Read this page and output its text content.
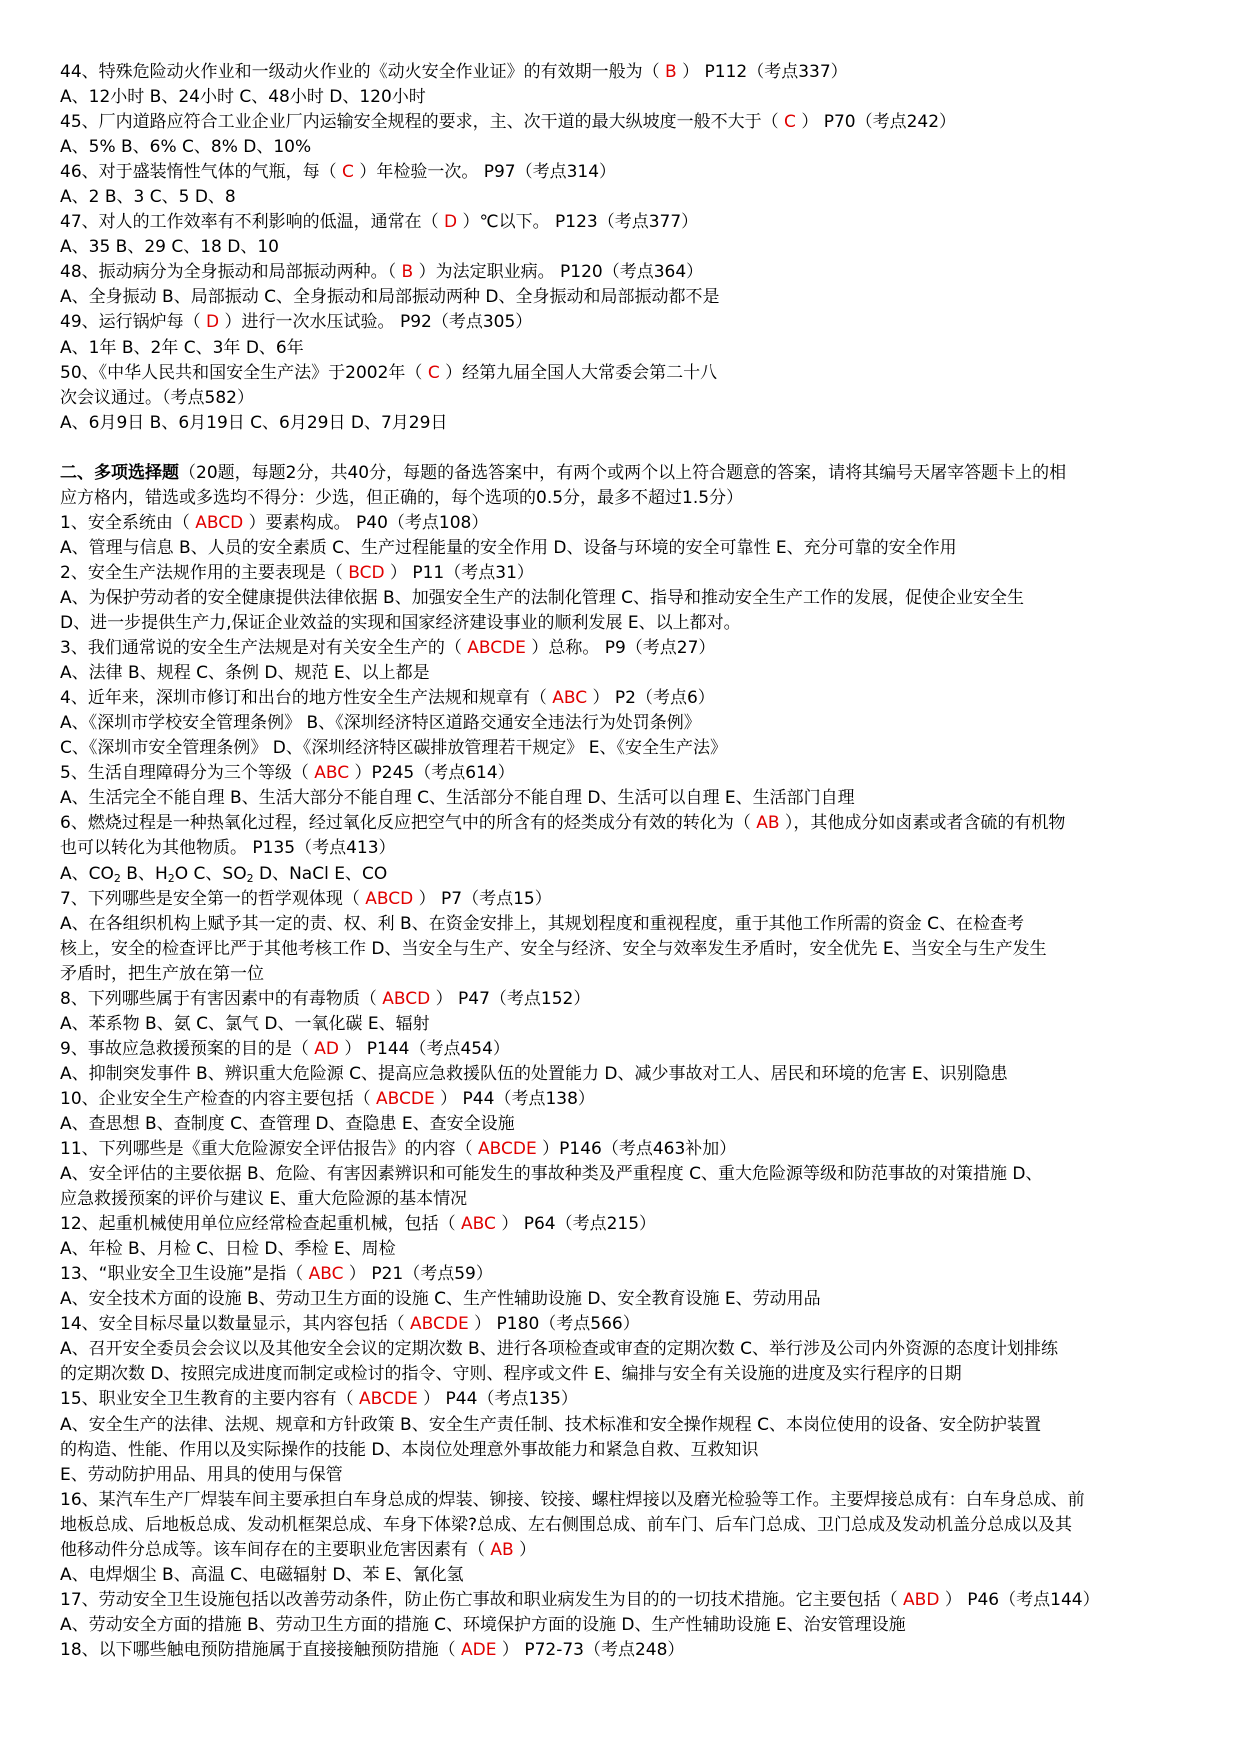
44、特殊危险动火作业和一级动火作业的《动火安全作业证》的有效期一般为（ B ） P112（考点337）
A、12小时 B、24小时 C、48小时 D、120小时
45、厂内道路应符合工业企业厂内运输安全规程的要求，主、次干道的最大纵坡度一般不大于（ C ） P70（考点242）
A、5% B、6% C、8% D、10%
46、对于盛装惰性气体的气瓶，每（ C ）年检验一次。 P97（考点314）
A、2 B、3 C、5 D、8
47、对人的工作效率有不利影响的低温，通常在（ D ）℃以下。 P123（考点377）
A、35 B、29 C、18 D、10
48、振动病分为全身振动和局部振动两种。（ B ）为法定职业病。 P120（考点364）
A、全身振动 B、局部振动 C、全身振动和局部振动两种 D、全身振动和局部振动都不是
49、运行锅炉每（ D ）进行一次水压试验。 P92（考点305）
A、1年 B、2年 C、3年 D、6年
50、《中华人民共和国安全生产法》于2002年（ C ）经第九届全国人大常委会第二十八
次会议通过。（考点582）
A、6月9日 B、6月19日 C、6月29日 D、7月29日
二、多项选择题（20题，每题2分，共40分，每题的备选答案中，有两个或两个以上符合题意的答案，请将其编号天屠宰答题卡上的相
应方格内，错选或多选均不得分：少选，但正确的，每个选项的0.5分，最多不超过1.5分）
1、安全系统由（ ABCD ）要素构成。 P40（考点108）
A、管理与信息 B、人员的安全素质 C、生产过程能量的安全作用 D、设备与环境的安全可靠性 E、充分可靠的安全作用
2、安全生产法规作用的主要表现是（ BCD ） P11（考点31）
A、为保护劳动者的安全健康提供法律依据 B、加强安全生产的法制化管理 C、指导和推动安全生产工作的发展，促使企业安全生
D、进一步提供生产力,保证企业效益的实现和国家经济建设事业的顺利发展 E、以上都对。
3、我们通常说的安全生产法规是对有关安全生产的（ ABCDE ）总称。 P9（考点27）
A、法律 B、规程 C、条例 D、规范 E、以上都是
4、近年来，深圳市修订和出台的地方性安全生产法规和规章有（ ABC ） P2（考点6）
A、《深圳市学校安全管理条例》 B、《深圳经济特区道路交通安全违法行为处罚条例》
C、《深圳市安全管理条例》 D、《深圳经济特区碳排放管理若干规定》 E、《安全生产法》
5、生活自理障碍分为三个等级（ ABC ）P245（考点614）
A、生活完全不能自理 B、生活大部分不能自理 C、生活部分不能自理 D、生活可以自理 E、生活部门自理
6、燃烧过程是一种热氧化过程，经过氧化反应把空气中的所含有的烃类成分有效的转化为（ AB ），其他成分如卤素或者含硫的有机物
也可以转化为其他物质。 P135（考点413）
A、$CO_2$ B、$H_2O$ C、$SO_2$ D、NaCl E、CO
7、下列哪些是安全第一的哲学观体现（ ABCD ） P7（考点15）
A、在各组织机构上赋予其一定的责、权、利 B、在资金安排上，其规划程度和重视程度，重于其他工作所需的资金 C、在检查考
核上，安全的检查评比严于其他考核工作 D、当安全与生产、安全与经济、安全与效率发生矛盾时，安全优先 E、当安全与生产发生
矛盾时，把生产放在第一位
8、下列哪些属于有害因素中的有毒物质（ ABCD ） P47（考点152）
A、苯系物 B、氨 C、氯气 D、一氧化碳 E、辐射
9、事故应急救援预案的目的是（ AD ） P144（考点454）
A、抑制突发事件 B、辨识重大危险源 C、提高应急救援队伍的处置能力 D、减少事故对工人、居民和环境的危害 E、识别隐患
10、企业安全生产检查的内容主要包括（ ABCDE ） P44（考点138）
A、查思想 B、查制度 C、查管理 D、查隐患 E、查安全设施
11、下列哪些是《重大危险源安全评估报告》的内容（ ABCDE ）P146（考点463补加）
A、安全评估的主要依据 B、危险、有害因素辨识和可能发生的事故种类及严重程度 C、重大危险源等级和防范事故的对策措施 D、
应急救援预案的评价与建议 E、重大危险源的基本情况
12、起重机械使用单位应经常检查起重机械，包括（ ABC ） P64（考点215）
A、年检 B、月检 C、日检 D、季检 E、周检
13、“职业安全卫生设施”是指（ ABC ） P21（考点59）
A、安全技术方面的设施 B、劳动卫生方面的设施 C、生产性辅助设施 D、安全教育设施 E、劳动用品
14、安全目标尽量以数量显示，其内容包括（ ABCDE ） P180（考点566）
A、召开安全委员会会议以及其他安全会议的定期次数 B、进行各项检查或审查的定期次数 C、举行涉及公司内外资源的态度计划排练
的定期次数 D、按照完成进度而制定或检讨的指令、守则、程序或文件 E、编排与安全有关设施的进度及实行程序的日期
15、职业安全卫生教育的主要内容有（ ABCDE ） P44（考点135）
A、安全生产的法律、法规、规章和方针政策 B、安全生产责任制、技术标准和安全操作规程 C、本岗位使用的设备、安全防护装置
的构造、性能、作用以及实际操作的技能 D、本岗位处理意外事故能力和紧急自救、互救知识
E、劳动防护用品、用具的使用与保管
16、某汽车生产厂焊装车间主要承担白车身总成的焊装、铆接、铰接、螺柱焊接以及磨光检验等工作。主要焊接总成有：白车身总成、前
地板总成、后地板总成、发动机框架总成、车身下体梁?总成、左右侧围总成、前车门、后车门总成、卫门总成及发动机盖分总成以及其
他移动件分总成等。该车间存在的主要职业危害因素有（ AB ）
A、电焊烟尘 B、高温 C、电磁辐射 D、苯 E、氰化氢
17、劳动安全卫生设施包括以改善劳动条件，防止伤亡事故和职业病发生为目的的一切技术措施。它主要包括（ ABD ） P46（考点144）
A、劳动安全方面的措施 B、劳动卫生方面的措施 C、环境保护方面的设施 D、生产性辅助设施 E、治安管理设施
18、以下哪些触电预防措施属于直接接触预防措施（ ADE ） P72-73（考点248）
